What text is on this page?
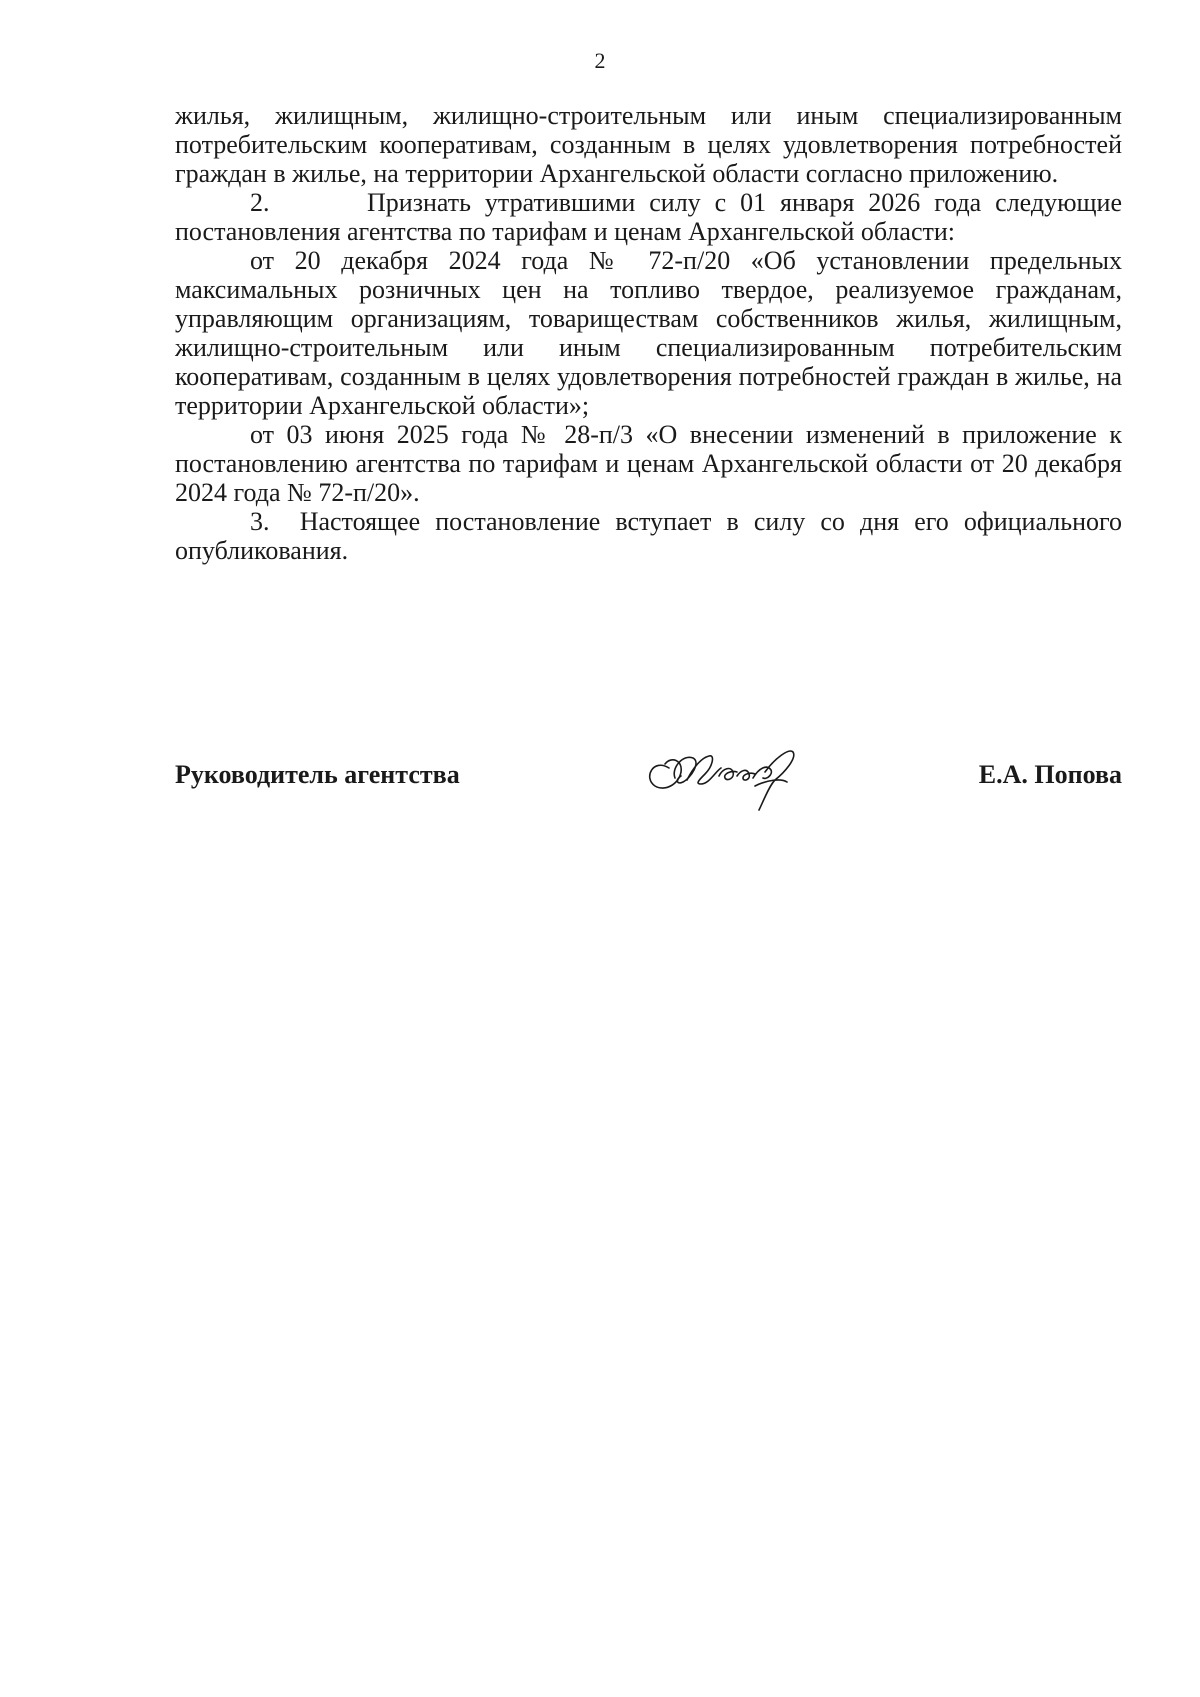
2

жилья, жилищным, жилищно-строительным или иным специализированным потребительским кооперативам, созданным в целях удовлетворения потребностей граждан в жилье, на территории Архангельской области согласно приложению.

2.       Признать утратившими силу с 01 января 2026 года следующие постановления агентства по тарифам и ценам Архангельской области:

от 20 декабря 2024 года № 72-п/20 «Об установлении предельных максимальных розничных цен на топливо твердое, реализуемое гражданам, управляющим организациям, товариществам собственников жилья, жилищным, жилищно-строительным или иным специализированным потребительским кооперативам, созданным в целях удовлетворения потребностей граждан в жилье, на территории Архангельской области»;

от 03 июня 2025 года № 28-п/3 «О внесении изменений в приложение к постановлению агентства по тарифам и ценам Архангельской области от 20 декабря 2024 года № 72-п/20».

3.  Настоящее постановление вступает в силу со дня его официального опубликования.

Руководитель агентства	Е.А. Попова
